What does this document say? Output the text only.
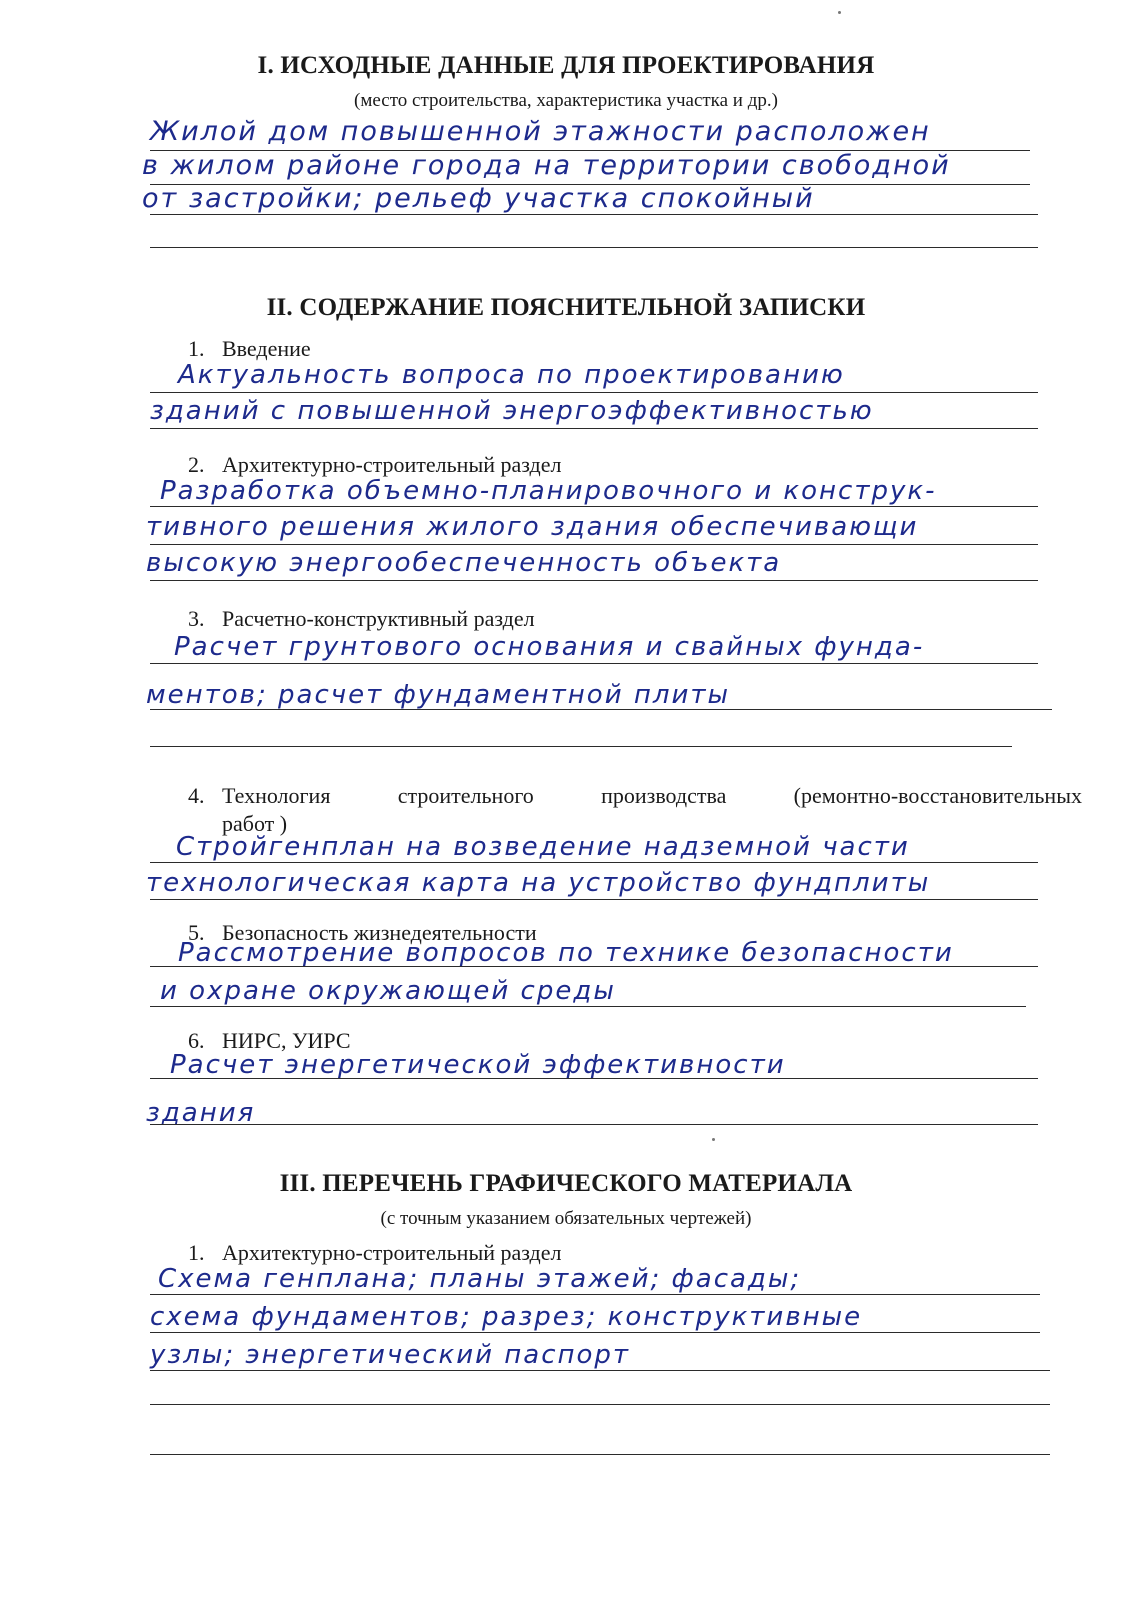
I. ИСХОДНЫЕ ДАННЫЕ ДЛЯ ПРОЕКТИРОВАНИЯ
(место строительства, характеристика участка и др.)
Жилой дом повышенной этажности расположен
в жилом районе города на территории свободной
от застройки; рельеф участка спокойный
II. СОДЕРЖАНИЕ ПОЯСНИТЕЛЬНОЙ ЗАПИСКИ
1. Введение
Актуальность вопроса по проектированию
зданий с повышенной энергоэффективностью
2. Архитектурно-строительный раздел
Разработка объемно-планировочного и конструк-
тивного решения жилого здания обеспечивающи
высокую энергообеспеченность объекта
3. Расчетно-конструктивный раздел
Расчет грунтового основания и свайных фунда-
ментов; расчет фундаментной плиты
4. Технология строительного производства (ремонтно-восстановительных
работ )
Стройгенплан на возведение надземной части
технологическая карта на устройство фундплиты
5. Безопасность жизнедеятельности
Рассмотрение вопросов по технике безопасности
и охране окружающей среды
6. НИРС, УИРС
Расчет энергетической эффективности
здания
III. ПЕРЕЧЕНЬ ГРАФИЧЕСКОГО МАТЕРИАЛА
(с точным указанием обязательных чертежей)
1. Архитектурно-строительный раздел
Схема генплана; планы этажей; фасады;
схема фундаментов; разрез; конструктивные
узлы; энергетический паспорт
